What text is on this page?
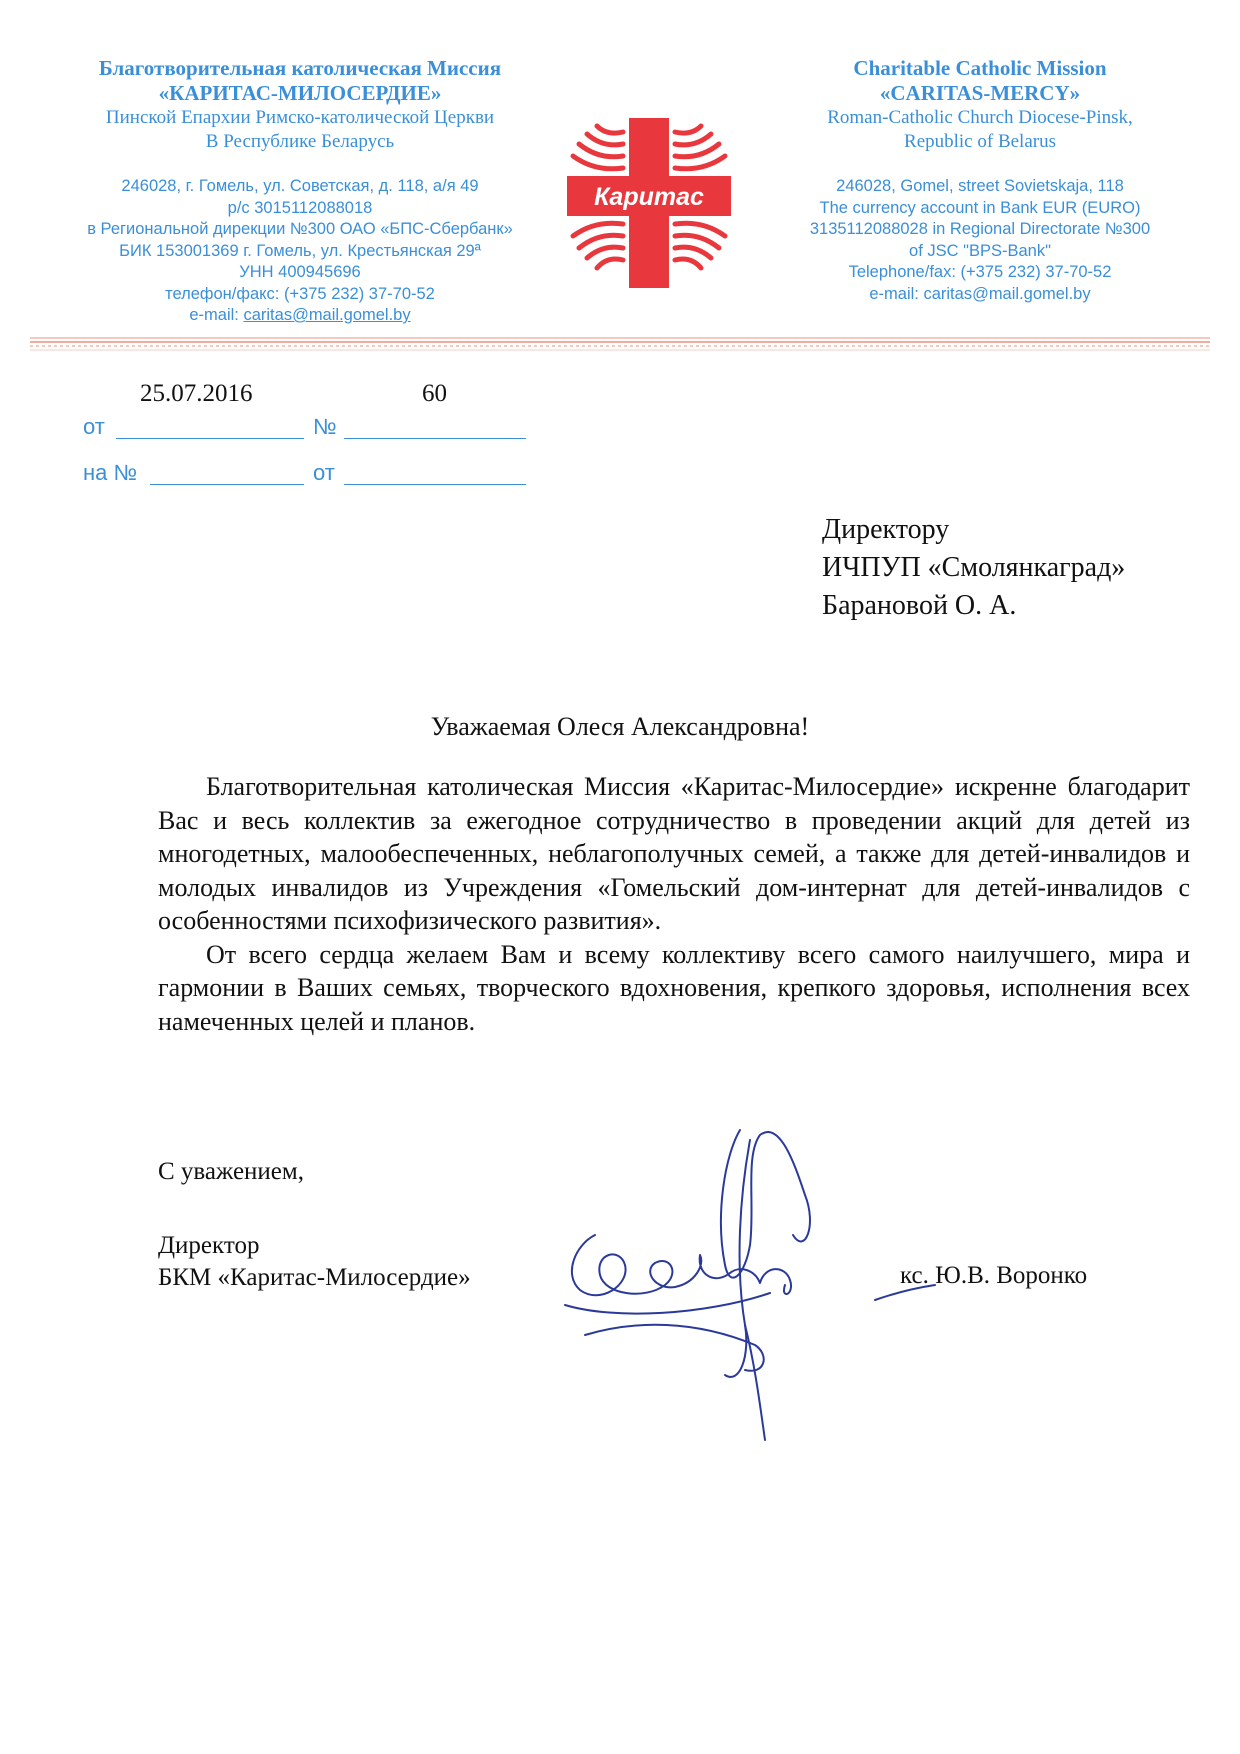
Благотворительная католическая Миссия
«КАРИТАС-МИЛОСЕРДИЕ»
Пинской Епархии Римско-католической Церкви
В Республике Беларусь
246028, г. Гомель, ул. Советская, д. 118, а/я 49
р/с 3015112088018
в Региональной дирекции №300 ОАО «БПС-Сбербанк»
БИК 153001369 г. Гомель, ул. Крестьянская 29ª
УНН 400945696
телефон/факс: (+375 232) 37-70-52
e-mail: caritas@mail.gomel.by
Каритас
Charitable Catholic Mission
«CARITAS-MERCY»
Roman-Catholic Church Diocese-Pinsk,
Republic of Belarus
246028, Gomel, street Sovietskaja, 118
The currency account in Bank EUR (EURO)
3135112088028 in Regional Directorate №300
of JSC "BPS-Bank"
Telephone/fax: (+375 232) 37-70-52
e-mail: caritas@mail.gomel.by
25.07.2016	60
от	№
на №	от
Директору
ИЧПУП «Смолянкаград»
Барановой О. А.
Уважаемая Олеся Александровна!

Благотворительная католическая Миссия «Каритас-Милосердие» искренне благодарит Вас и весь коллектив за ежегодное сотрудничество в проведении акций для детей из многодетных, малообеспеченных, неблагополучных семей, а также для детей-инвалидов и молодых инвалидов из Учреждения «Гомельский дом-интернат для детей-инвалидов с особенностями психофизического развития».

От всего сердца желаем Вам и всему коллективу всего самого наилучшего, мира и гармонии в Ваших семьях, творческого вдохновения, крепкого здоровья, исполнения всех намеченных целей и планов.

С уважением,
Директор
БКМ «Каритас-Милосердие»	кс. Ю.В. Воронко
